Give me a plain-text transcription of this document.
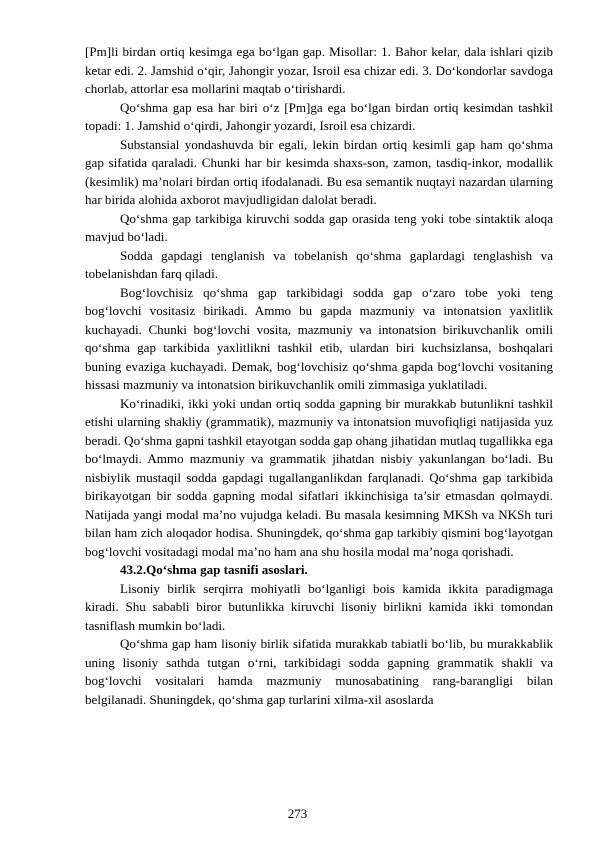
[Pm]li birdan ortiq kesimga ega bo‘lgan gap. Misollar: 1. Bahor kelar, dala ishlari qizib ketar edi. 2. Jamshid o‘qir, Jahongir yozar, Isroil esa chizar edi. 3. Do‘kondorlar savdoga chorlab, attorlar esa mollarini maqtab o‘tirishardi.

Qo‘shma gap esa har biri o‘z [Pm]ga ega bo‘lgan birdan ortiq kesimdan tashkil topadi: 1. Jamshid o‘qirdi, Jahongir yozardi, Isroil esa chizardi.

Substansial yondashuvda bir egali, lekin birdan ortiq kesimli gap ham qo‘shma gap sifatida qaraladi. Chunki har bir kesimda shaxs-son, zamon, tasdiq-inkor, modallik (kesimlik) ma’nolari birdan ortiq ifodalanadi. Bu esa semantik nuqtayi nazardan ularning har birida alohida axborot mavjudligidan dalolat beradi.

Qo‘shma gap tarkibiga kiruvchi sodda gap orasida teng yoki tobe sintaktik aloqa mavjud bo‘ladi.

Sodda gapdagi tenglanish va tobelanish qo‘shma gaplardagi tenglashish va tobelanishdan farq qiladi.

Bog‘lovchisiz qo‘shma gap tarkibidagi sodda gap o‘zaro tobe yoki teng bog‘lovchi vositasiz birikadi. Ammo bu gapda mazmuniy va intonatsion yaxlitlik kuchayadi. Chunki bog‘lovchi vosita, mazmuniy va intonatsion birikuvchanlik omili qo‘shma gap tarkibida yaxlitlikni tashkil etib, ulardan biri kuchsizlansa, boshqalari buning evaziga kuchayadi. Demak, bog‘lovchisiz qo‘shma gapda bog‘lovchi vositaning hissasi mazmuniy va intonatsion birikuvchanlik omili zimmasiga yuklatiladi.

Ko‘rinadiki, ikki yoki undan ortiq sodda gapning bir murakkab butunlikni tashkil etishi ularning shakliy (grammatik), mazmuniy va intonatsion muvofiqligi natijasida yuz beradi. Qo‘shma gapni tashkil etayotgan sodda gap ohang jihatidan mutlaq tugallikka ega bo‘lmaydi. Ammo mazmuniy va grammatik jihatdan nisbiy yakunlangan bo‘ladi. Bu nisbiylik mustaqil sodda gapdagi tugallanganlikdan farqlanadi. Qo‘shma gap tarkibida birikayotgan bir sodda gapning modal sifatlari ikkinchisiga ta’sir etmasdan qolmaydi. Natijada yangi modal ma’no vujudga keladi. Bu masala kesimning MKSh va NKSh turi bilan ham zich aloqador hodisa. Shuningdek, qo‘shma gap tarkibiy qismini bog‘layotgan bog‘lovchi vositadagi modal ma’no ham ana shu hosila modal ma’noga qorishadi.

43.2.Qo‘shma gap tasnifi asoslari.

Lisoniy birlik serqirra mohiyatli bo‘lganligi bois kamida ikkita paradigmaga kiradi. Shu sababli biror butunlikka kiruvchi lisoniy birlikni kamida ikki tomondan tasniflash mumkin bo‘ladi.

Qo‘shma gap ham lisoniy birlik sifatida murakkab tabiatli bo‘lib, bu murakkablik uning lisoniy sathda tutgan o‘rni, tarkibidagi sodda gapning grammatik shakli va bog‘lovchi vositalari hamda mazmuniy munosabatining rang-barangligi bilan belgilanadi. Shuningdek, qo‘shma gap turlarini xilma-xil asoslarda

273
